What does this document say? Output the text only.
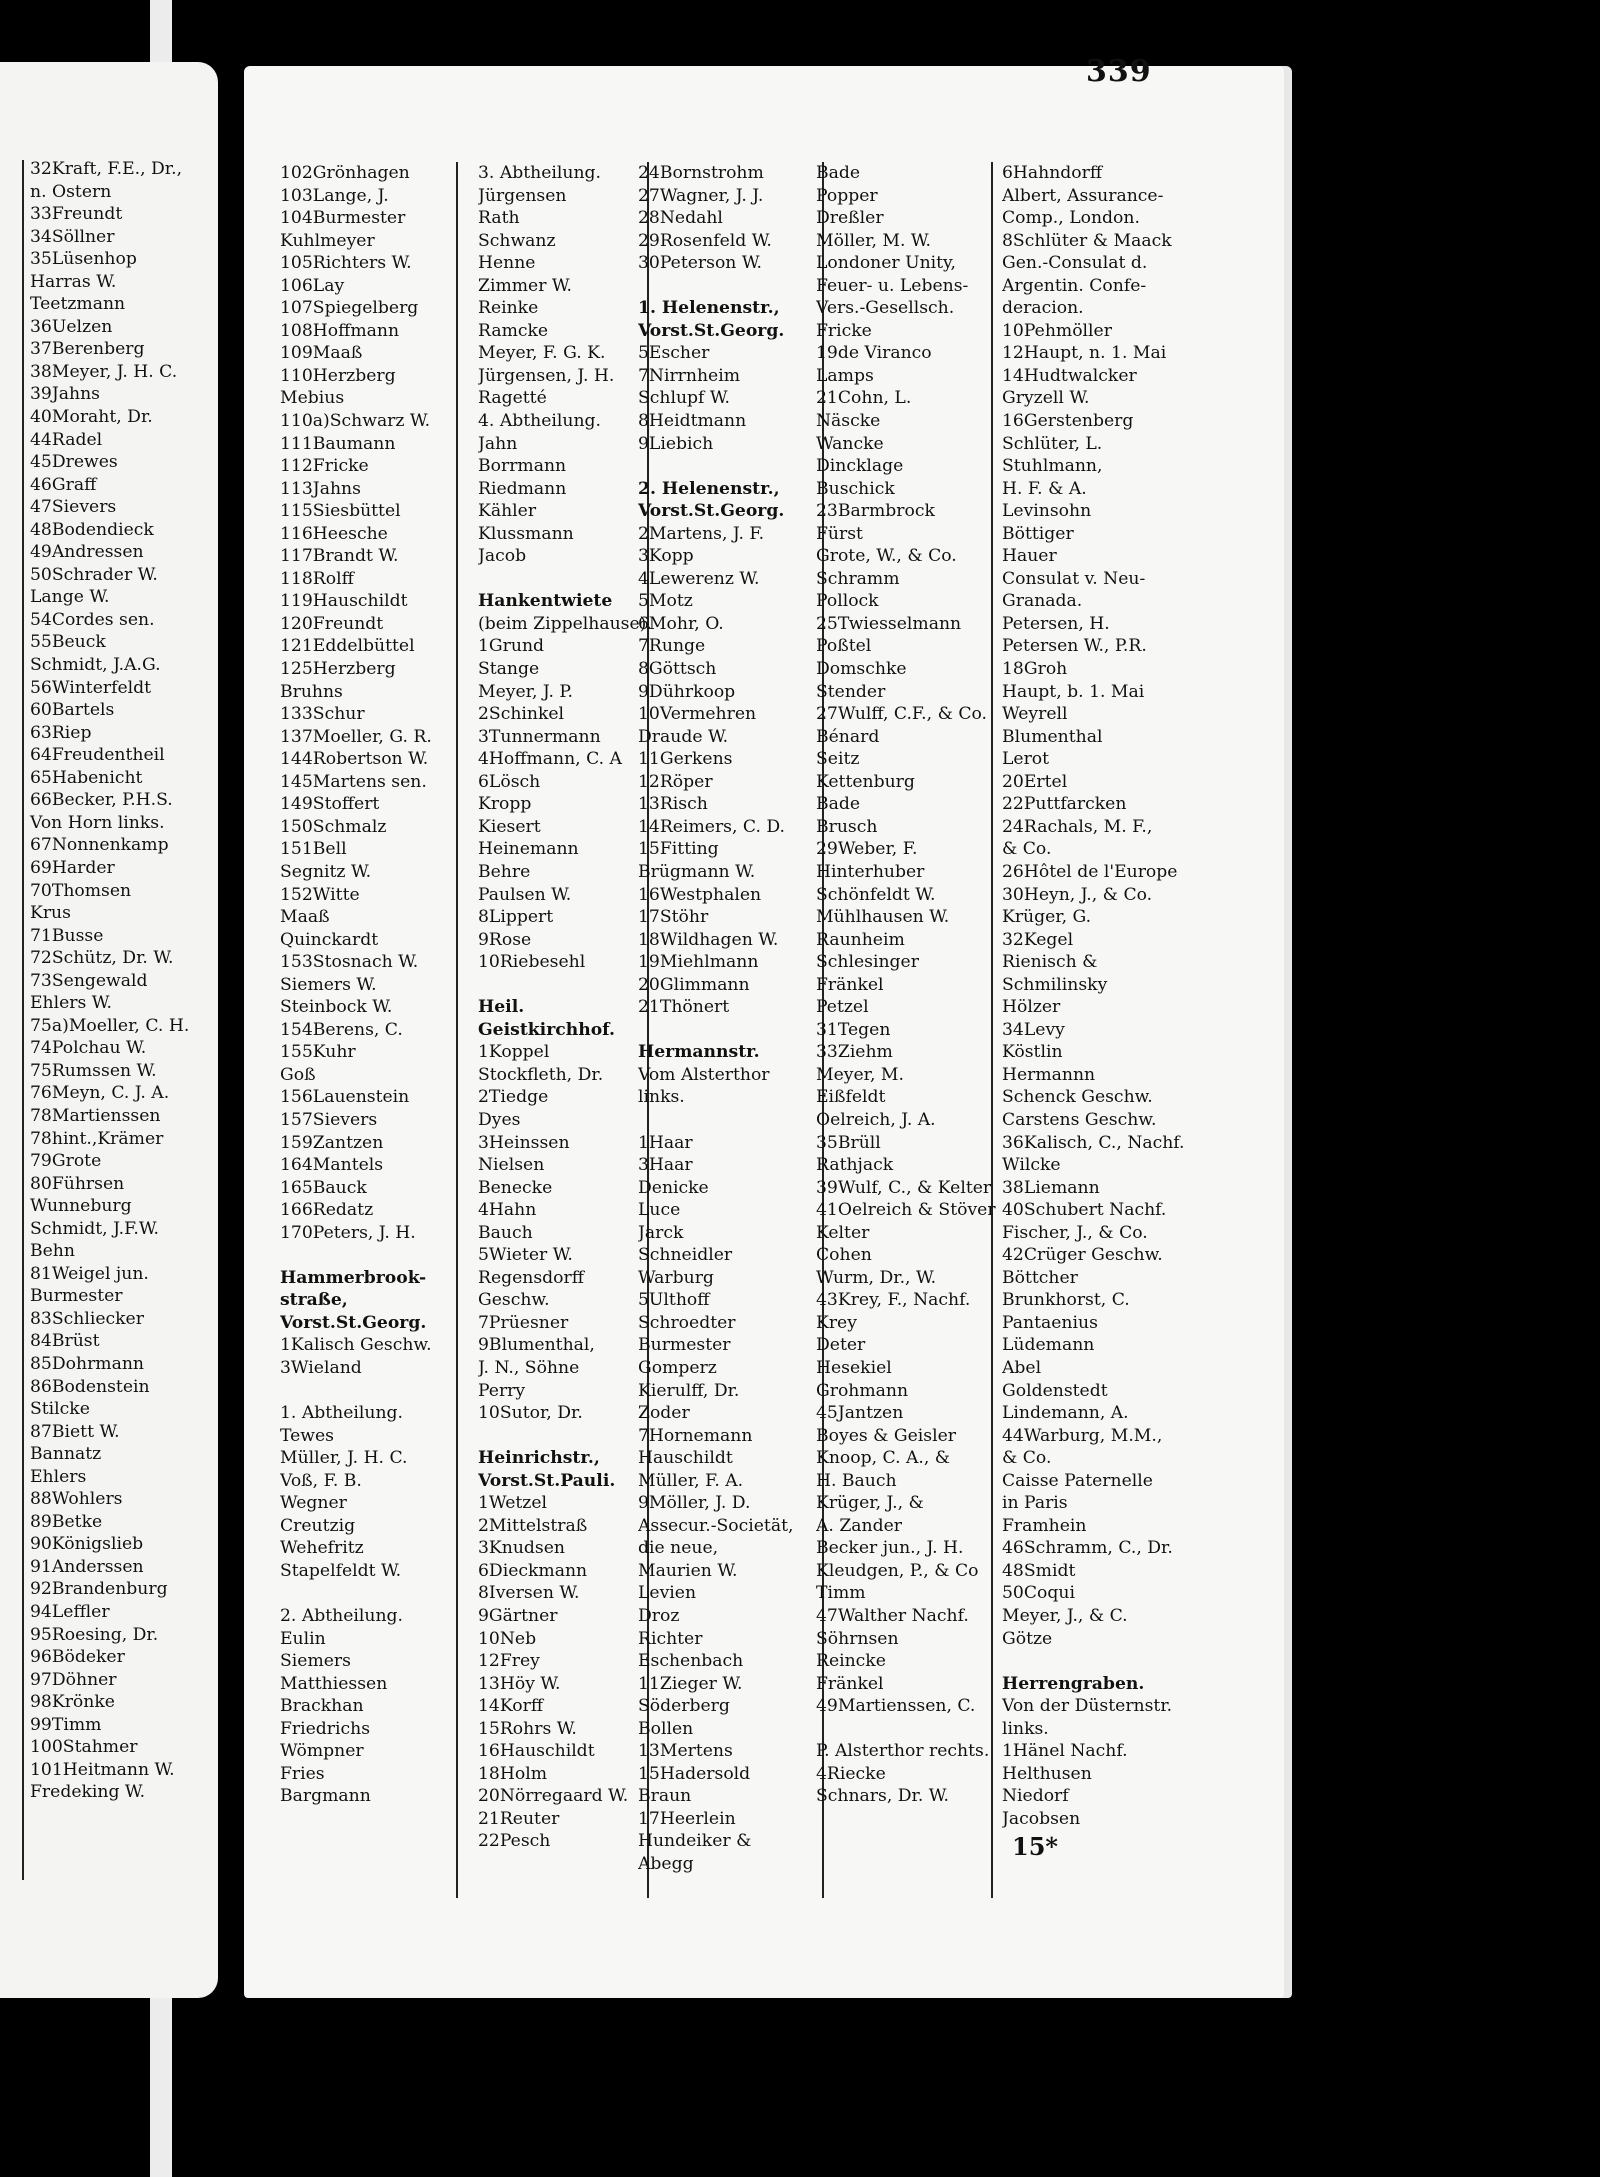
32Kraft, F.E., Dr.,
n. Ostern
33Freundt
34Söllner
35Lüsenhop
Harras W.
Teetzmann
36Uelzen
37Berenberg
38Meyer, J. H. C.
39Jahns
40Moraht, Dr.
44Radel
45Drewes
46Graff
47Sievers
48Bodendieck
49Andressen
50Schrader W.
Lange W.
54Cordes sen.
55Beuck
Schmidt, J.A.G.
56Winterfeldt
60Bartels
63Riep
64Freudentheil
65Habenicht
66Becker, P.H.S.
Von Horn links.
67Nonnenkamp
69Harder
70Thomsen
Krus
71Busse
72Schütz, Dr. W.
73Sengewald
Ehlers W.
75a)Moeller, C. H.
74Polchau W.
75Rumssen W.
76Meyn, C. J. A.
78Martienssen
78hint.,Krämer
79Grote
80Führsen
Wunneburg
Schmidt, J.F.W.
Behn
81Weigel jun.
Burmester
83Schliecker
84Brüst
85Dohrmann
86Bodenstein
Stilcke
87Biett W.
Bannatz
Ehlers
88Wohlers
89Betke
90Königslieb
91Anderssen
92Brandenburg
94Leffler
95Roesing, Dr.
96Bödeker
97Döhner
98Krönke
99Timm
100Stahmer
101Heitmann W.
Fredeking W.
102Grönhagen
103Lange, J.
104Burmester
Kuhlmeyer
105Richters W.
106Lay
107Spiegelberg
108Hoffmann
109Maaß
110Herzberg
Mebius
110a)Schwarz W.
111Baumann
112Fricke
113Jahns
115Siesbüttel
116Heesche
117Brandt W.
118Rolff
119Hauschildt
120Freundt
121Eddelbüttel
125Herzberg
Bruhns
133Schur
137Moeller, G. R.
144Robertson W.
145Martens sen.
149Stoffert
150Schmalz
151Bell
Segnitz W.
152Witte
Maaß
Quinckardt
153Stosnach W.
Siemers W.
Steinbock W.
154Berens, C.
155Kuhr
Goß
156Lauenstein
157Sievers
159Zantzen
164Mantels
165Bauck
166Redatz
170Peters, J. H.
Hammerbrook-
straße,
Vorst.St.Georg.
1Kalisch Geschw.
3Wieland
1. Abtheilung.
Tewes
Müller, J. H. C.
Voß, F. B.
Wegner
Creutzig
Wehefritz
Stapelfeldt W.
2. Abtheilung.
Eulin
Siemers
Matthiessen
Brackhan
Friedrichs
Wömpner
Fries
Bargmann
3. Abtheilung.
Jürgensen
Rath
Schwanz
Henne
Zimmer W.
Reinke
Ramcke
Meyer, F. G. K.
Jürgensen, J. H.
Ragetté
4. Abtheilung.
Jahn
Borrmann
Riedmann
Kähler
Klussmann
Jacob
Hankentwiete
(beim Zippelhause).
1Grund
Stange
Meyer, J. P.
2Schinkel
3Tunnermann
4Hoffmann, C. A
6Lösch
Kropp
Kiesert
Heinemann
Behre
Paulsen W.
8Lippert
9Rose
10Riebesehl
Heil.
Geistkirchhof.
1Koppel
Stockfleth, Dr.
2Tiedge
Dyes
3Heinssen
Nielsen
Benecke
4Hahn
Bauch
5Wieter W.
Regensdorff
Geschw.
7Prüesner
9Blumenthal,
J. N., Söhne
Perry
10Sutor, Dr.
Heinrichstr.,
Vorst.St.Pauli.
1Wetzel
2Mittelstraß
3Knudsen
6Dieckmann
8Iversen W.
9Gärtner
10Neb
12Frey
13Höy W.
14Korff
15Rohrs W.
16Hauschildt
18Holm
20Nörregaard W.
21Reuter
22Pesch
24Bornstrohm
27Wagner, J. J.
28Nedahl
29Rosenfeld W.
30Peterson W.
1. Helenenstr.,
Vorst.St.Georg.
5Escher
7Nirrnheim
Schlupf W.
8Heidtmann
9Liebich
2. Helenenstr.,
Vorst.St.Georg.
2Martens, J. F.
3Kopp
4Lewerenz W.
5Motz
6Mohr, O.
7Runge
8Göttsch
9Dührkoop
10Vermehren
Draude W.
11Gerkens
12Röper
13Risch
14Reimers, C. D.
15Fitting
Brügmann W.
16Westphalen
17Stöhr
18Wildhagen W.
19Miehlmann
20Glimmann
21Thönert
Hermannstr.
Vom Alsterthor
links.
1Haar
3Haar
Denicke
Luce
Jarck
Schneidler
Warburg
5Ulthoff
Schroedter
Burmester
Gomperz
Kierulff, Dr.
Zoder
7Hornemann
Hauschildt
Müller, F. A.
9Möller, J. D.
Assecur.-Societät,
die neue,
Maurien W.
Levien
Droz
Richter
Eschenbach
11Zieger W.
Söderberg
Bollen
13Mertens
15Hadersold
Braun
17Heerlein
Hundeiker &
Abegg
Bade
Popper
Dreßler
Möller, M. W.
Londoner Unity,
Feuer- u. Lebens-
Vers.-Gesellsch.
Fricke
19de Viranco
Lamps
21Cohn, L.
Näscke
Wancke
Dincklage
Buschick
23Barmbrock
Fürst
Grote, W., & Co.
Schramm
Pollock
25Twiesselmann
Poßtel
Domschke
Stender
27Wulff, C.F., & Co.
Bénard
Seitz
Kettenburg
Bade
Brusch
29Weber, F.
Hinterhuber
Schönfeldt W.
Mühlhausen W.
Raunheim
Schlesinger
Fränkel
Petzel
31Tegen
33Ziehm
Meyer, M.
Eißfeldt
Oelreich, J. A.
35Brüll
Rathjack
39Wulf, C., & Kelter
41Oelreich & Stöver
Kelter
Cohen
Wurm, Dr., W.
43Krey, F., Nachf.
Krey
Deter
Hesekiel
Grohmann
45Jantzen
Boyes & Geisler
Knoop, C. A., &
H. Bauch
Krüger, J., &
A. Zander
Becker jun., J. H.
Kleudgen, P., & Co
Timm
47Walther Nachf.
Söhrnsen
Reincke
Fränkel
49Martienssen, C.
P. Alsterthor rechts.
4Riecke
Schnars, Dr. W.
6Hahndorff
Albert, Assurance-
Comp., London.
8Schlüter & Maack
Gen.-Consulat d.
Argentin. Confe-
deracion.
10Pehmöller
12Haupt, n. 1. Mai
14Hudtwalcker
Gryzell W.
16Gerstenberg
Schlüter, L.
Stuhlmann,
H. F. & A.
Levinsohn
Böttiger
Hauer
Consulat v. Neu-
Granada.
Petersen, H.
Petersen W., P.R.
18Groh
Haupt, b. 1. Mai
Weyrell
Blumenthal
Lerot
20Ertel
22Puttfarcken
24Rachals, M. F.,
& Co.
26Hôtel de l'Europe
30Heyn, J., & Co.
Krüger, G.
32Kegel
Rienisch &
Schmilinsky
Hölzer
34Levy
Köstlin
Hermannn
Schenck Geschw.
Carstens Geschw.
36Kalisch, C., Nachf.
Wilcke
38Liemann
40Schubert Nachf.
Fischer, J., & Co.
42Crüger Geschw.
Böttcher
Brunkhorst, C.
Pantaenius
Lüdemann
Abel
Goldenstedt
Lindemann, A.
44Warburg, M.M.,
& Co.
Caisse Paternelle
in Paris
Framhein
46Schramm, C., Dr.
48Smidt
50Coqui
Meyer, J., & C.
Götze
Herrengraben.
Von der Düsternstr.
links.
1Hänel Nachf.
Helthusen
Niedorf
Jacobsen
339
15*
